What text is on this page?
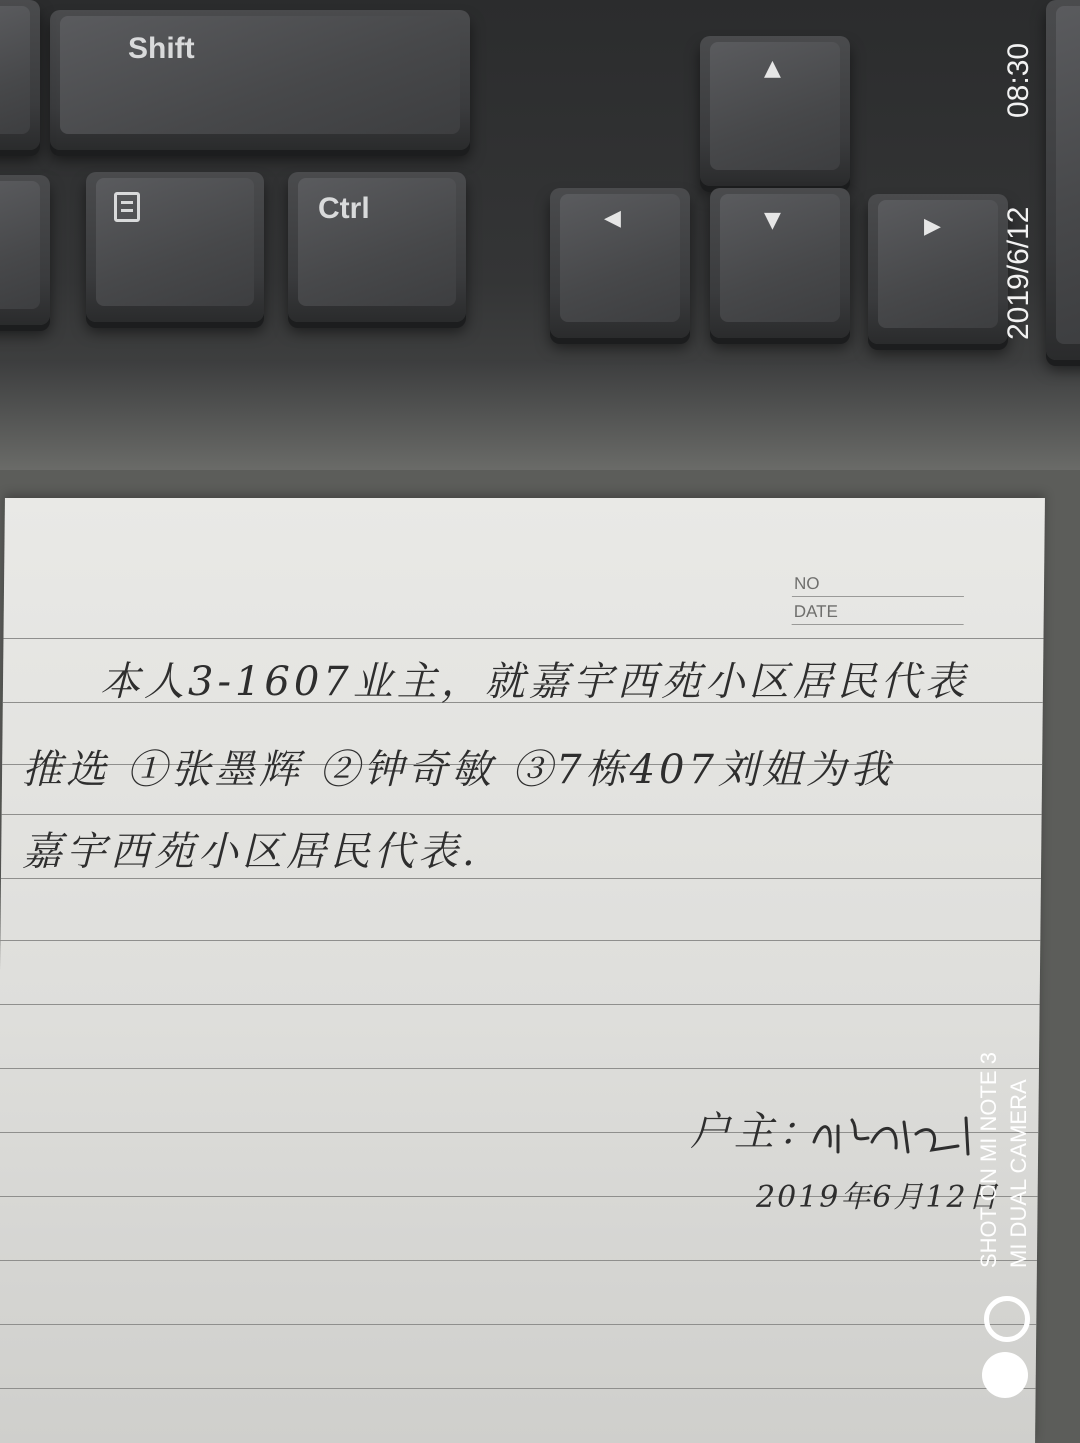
Shift
Ctrl
▲
◀	▼	▶
NO
DATE
本人3-1607业主，就嘉宇西苑小区居民代表
推选 ①张墨辉 ②钟奇敏 ③7栋407刘姐为我
嘉宇西苑小区居民代表.
户主：
2019年6月12日
2019/6/12
08:30
SHOT ON MI NOTE 3 MI DUAL CAMERA
